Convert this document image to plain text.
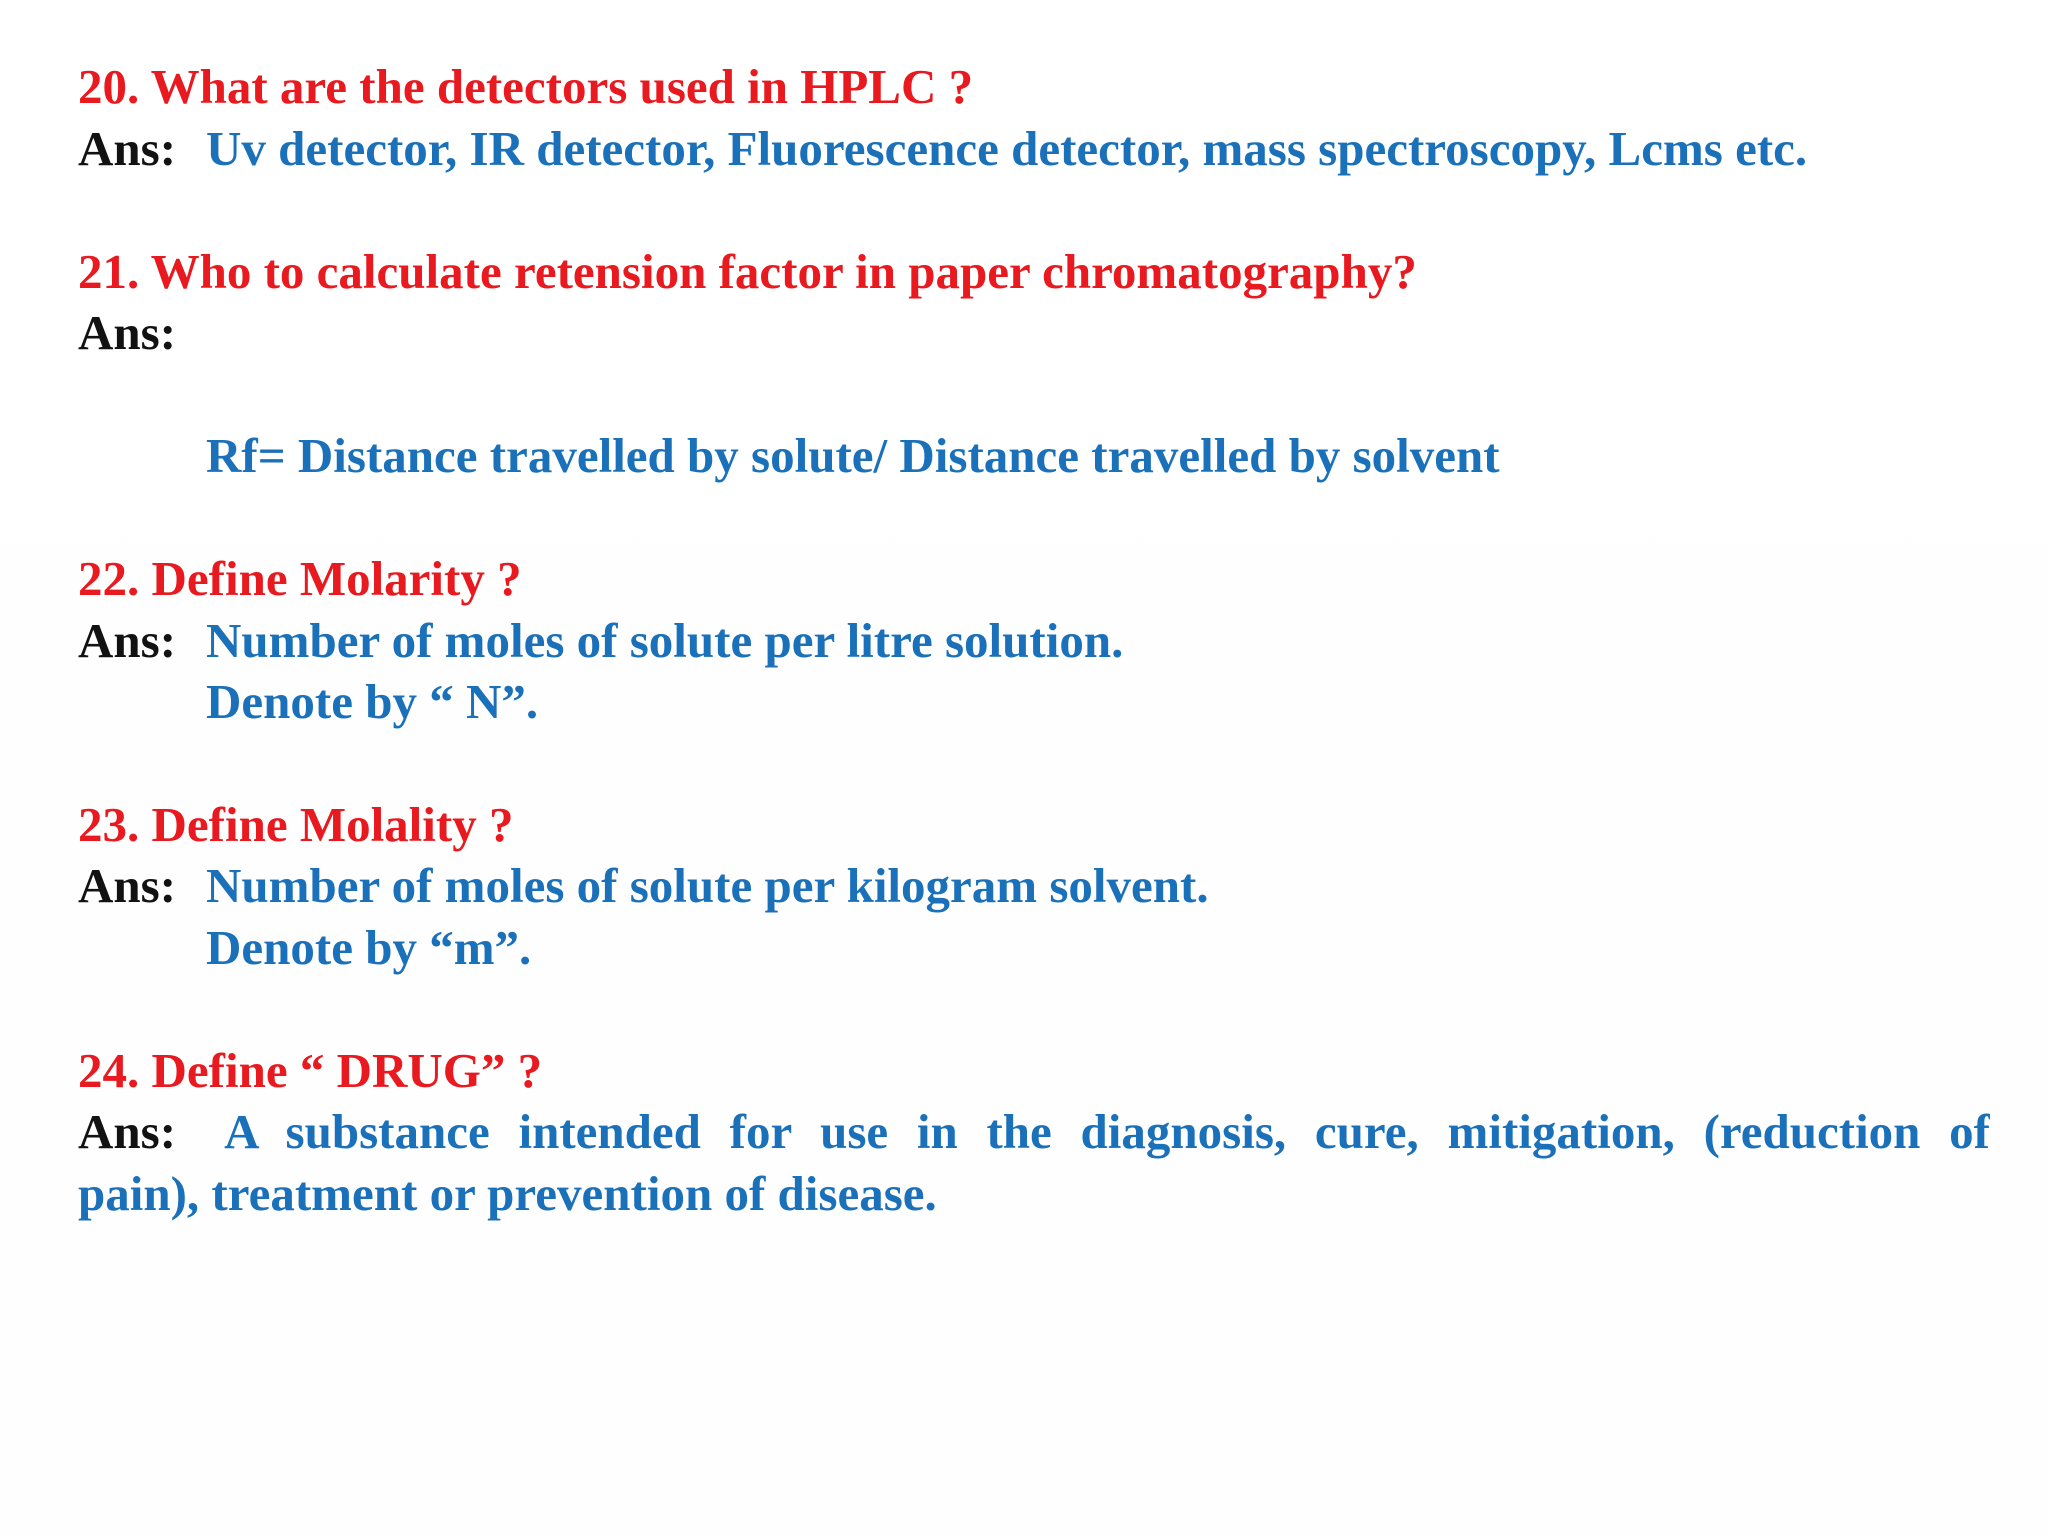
20. What are the detectors used in HPLC ?
Ans: Uv detector, IR detector, Fluorescence detector, mass spectroscopy, Lcms etc.
21. Who to calculate retension factor in paper chromatography?
Ans:
Rf= Distance travelled by solute/ Distance travelled by solvent
22. Define Molarity ?
Ans: Number of moles of solute per litre solution.
Denote by “ N”.
23. Define Molality ?
Ans: Number of moles of solute per kilogram solvent.
Denote by “m”.
24. Define “ DRUG” ?
Ans: A substance intended for use in the diagnosis, cure, mitigation, (reduction of
pain), treatment or prevention of disease.
